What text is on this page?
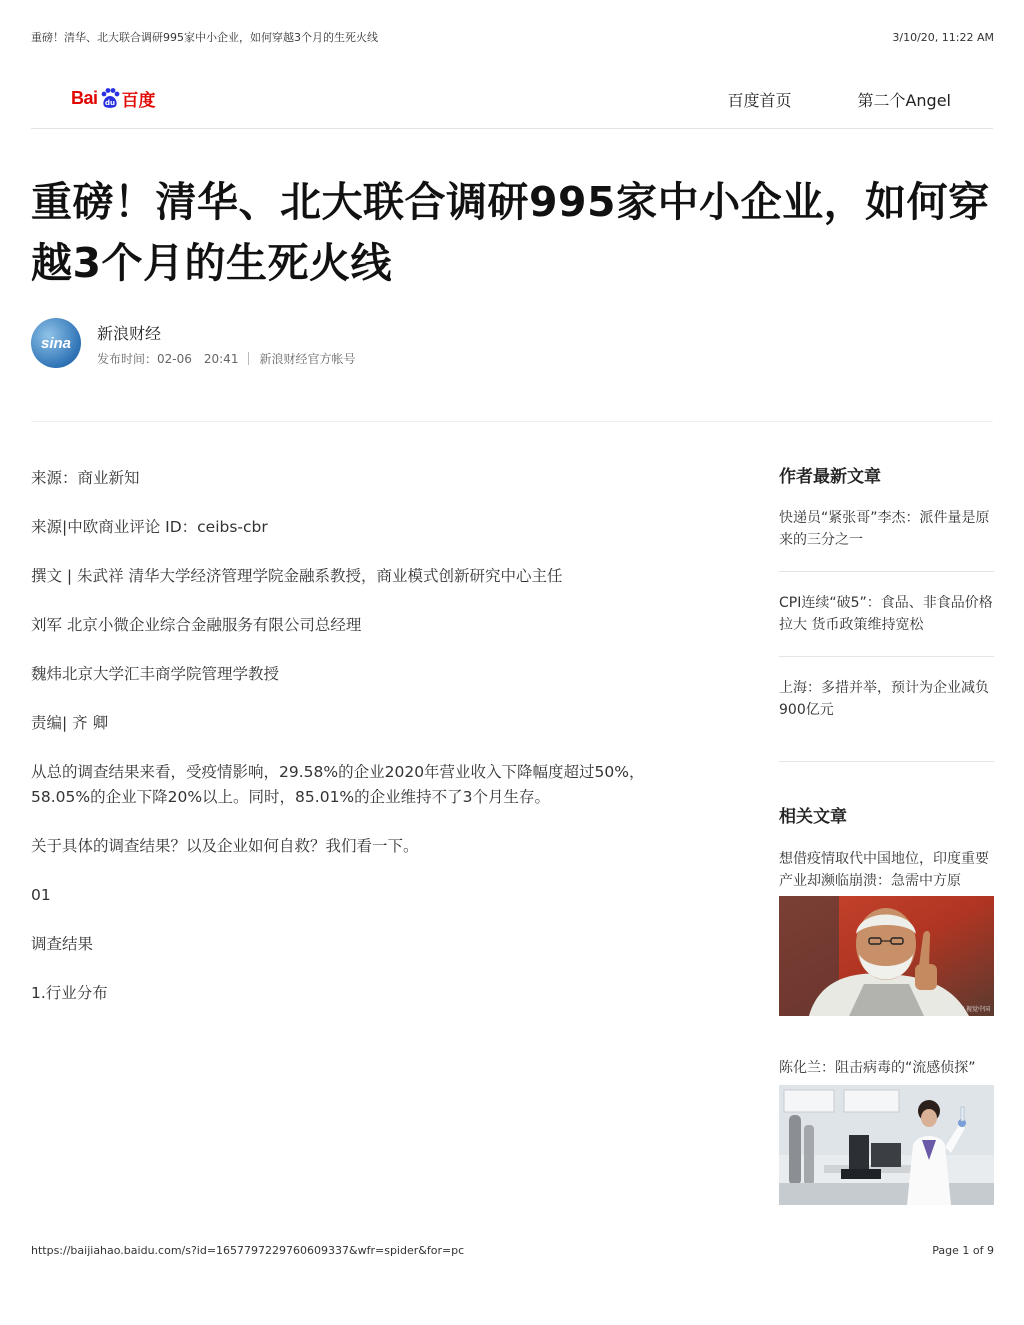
重磅！清华、北大联合调研995家中小企业，如何穿越3个月的生死火线	3/10/20, 11:22 AM
Bai du 百度	百度首页	第二个Angel
重磅！清华、北大联合调研995家中小企业，如何穿越3个月的生死火线
sina 新浪财经
发布时间：02-06　20:41 新浪财经官方帐号

来源：商业新知

来源|中欧商业评论 ID：ceibs-cbr

撰文 | 朱武祥 清华大学经济管理学院金融系教授，商业模式创新研究中心主任

刘军 北京小微企业综合金融服务有限公司总经理

魏炜北京大学汇丰商学院管理学教授

责编| 齐 卿

从总的调查结果来看，受疫情影响，29.58%的企业2020年营业收入下降幅度超过50%，58.05%的企业下降20%以上。同时，85.01%的企业维持不了3个月生存。

关于具体的调查结果？以及企业如何自救？我们看一下。

01

调查结果

1.行业分布

作者最新文章
快递员“紧张哥”李杰：派件量是原来的三分之一
CPI连续“破5”：食品、非食品价格拉大 货币政策维持宽松
上海：多措并举，预计为企业减负900亿元
相关文章
想借疫情取代中国地位，印度重要产业却濒临崩溃：急需中方原
图虫网 / 视觉中国
陈化兰：阻击病毒的“流感侦探”
https://baijiahao.baidu.com/s?id=1657797229760609337&wfr=spider&for=pc	Page 1 of 9
